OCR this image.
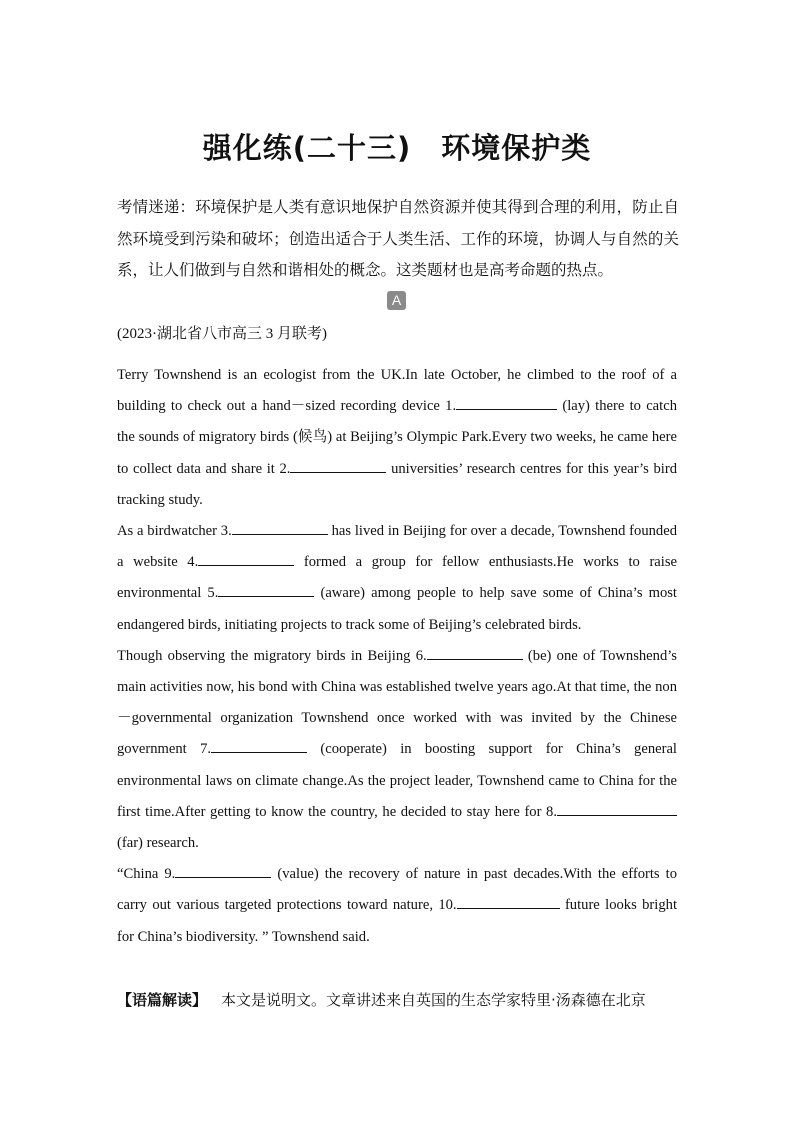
强化练(二十三) 环境保护类
考情迷递：环境保护是人类有意识地保护自然资源并使其得到合理的利用，防止自然环境受到污染和破坏；创造出适合于人类生活、工作的环境，协调人与自然的关系，让人们做到与自然和谐相处的概念。这类题材也是高考命题的热点。
A
(2023·湖北省八市高三 3 月联考)

Terry Townshend is an ecologist from the UK.In late October, he climbed to the roof of a building to check out a hand－sized recording device 1.	(lay) there to catch the sounds of migratory birds (候鸟) at Beijing’s Olympic Park.Every two weeks, he came here to collect data and share it 2.	universities’ research centres for this year’s bird tracking study.

As a birdwatcher 3.	has lived in Beijing for over a decade, Townshend founded a website 4.	formed a group for fellow enthusiasts.He works to raise environmental 5.	(aware) among people to help save some of China’s most endangered birds, initiating projects to track some of Beijing’s celebrated birds.

Though observing the migratory birds in Beijing 6.	(be) one of Townshend’s main activities now, his bond with China was established twelve years ago.At that time, the non－governmental organization Townshend once worked with was invited by the Chinese government 7.	(cooperate) in boosting support for China’s general environmental laws on climate change.As the project leader, Townshend came to China for the first time.After getting to know the country, he decided to stay here for 8. (far) research.

“China 9.	(value) the recovery of nature in past decades.With the efforts to carry out various targeted protections toward nature, 10.	future looks bright for China’s biodiversity. ” Townshend said.

【语篇解读】 本文是说明文。文章讲述来自英国的生态学家特里·汤森德在北京
